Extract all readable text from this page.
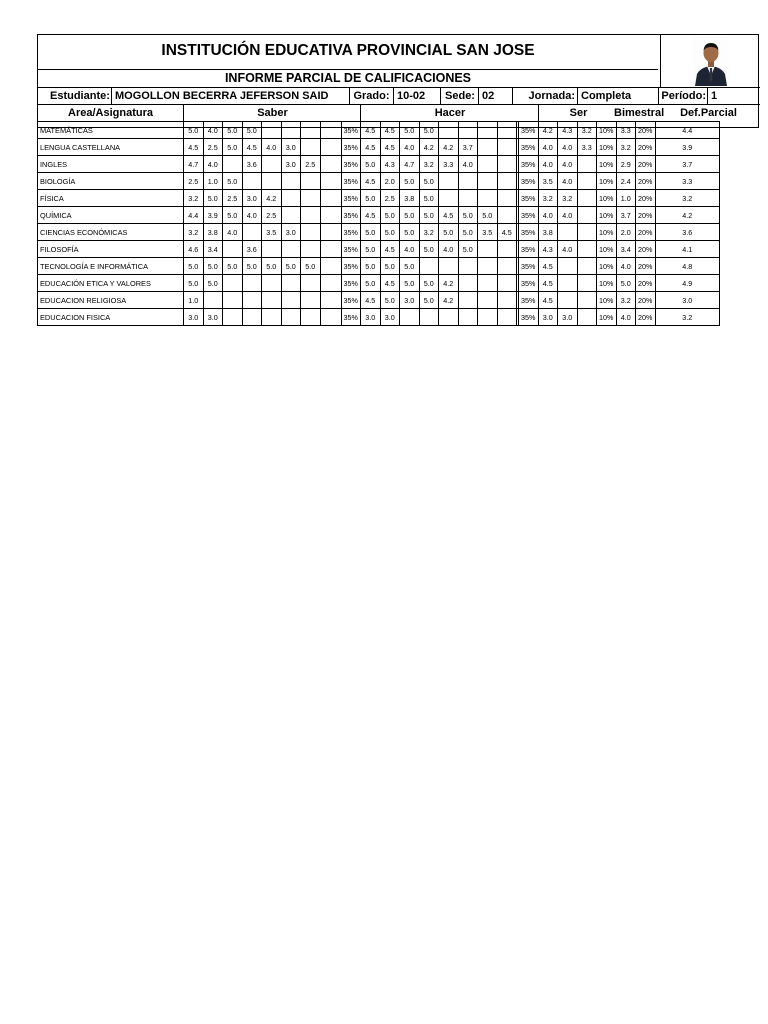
INSTITUCIÓN EDUCATIVA PROVINCIAL SAN JOSE
INFORME PARCIAL DE CALIFICACIONES
Estudiante: MOGOLLON BECERRA JEFERSON SAID	Grado: 10-02	Sede: 02	Jornada: Completa	Período: 1
Area/Asignatura	Saber	Hacer	Ser	Bimestral	Def.Parcial
MATEMÁTICAS	5.0	4.0	5.0	5.0					35%	4.5	4.5	5.0	5.0						35%	4.2	4.3	3.2	10%	3.3	20%	4.4
LENGUA CASTELLANA	4.5	2.5	5.0	4.5	4.0	3.0			35%	4.5	4.5	4.0	4.2	4.2	3.7				35%	4.0	4.0	3.3	10%	3.2	20%	3.9
INGLES	4.7	4.0		3.6		3.0	2.5		35%	5.0	4.3	4.7	3.2	3.3	4.0				35%	4.0	4.0		10%	2.9	20%	3.7
BIOLOGÍA	2.5	1.0	5.0						35%	4.5	2.0	5.0	5.0						35%	3.5	4.0		10%	2.4	20%	3.3
FÍSICA	3.2	5.0	2.5	3.0	4.2				35%	5.0	2.5	3.8	5.0						35%	3.2	3.2		10%	1.0	20%	3.2
QUÍMICA	4.4	3.9	5.0	4.0	2.5				35%	4.5	5.0	5.0	5.0	4.5	5.0	5.0			35%	4.0	4.0		10%	3.7	20%	4.2
CIENCIAS ECONÓMICAS	3.2	3.8	4.0		3.5	3.0			35%	5.0	5.0	5.0	3.2	5.0	5.0	3.5	4.5		35%	3.8			10%	2.0	20%	3.6
FILOSOFÍA	4.6	3.4		3.6					35%	5.0	4.5	4.0	5.0	4.0	5.0				35%	4.3	4.0		10%	3.4	20%	4.1
TECNOLOGÍA E INFORMÁTICA	5.0	5.0	5.0	5.0	5.0	5.0	5.0		35%	5.0	5.0	5.0							35%	4.5			10%	4.0	20%	4.8
EDUCACIÓN ETICA Y VALORES	5.0	5.0							35%	5.0	4.5	5.0	5.0	4.2					35%	4.5			10%	5.0	20%	4.9
EDUCACION RELIGIOSA	1.0								35%	4.5	5.0	3.0	5.0	4.2					35%	4.5			10%	3.2	20%	3.0
EDUCACION FISICA	3.0	3.0							35%	3.0	3.0								35%	3.0	3.0		10%	4.0	20%	3.2
